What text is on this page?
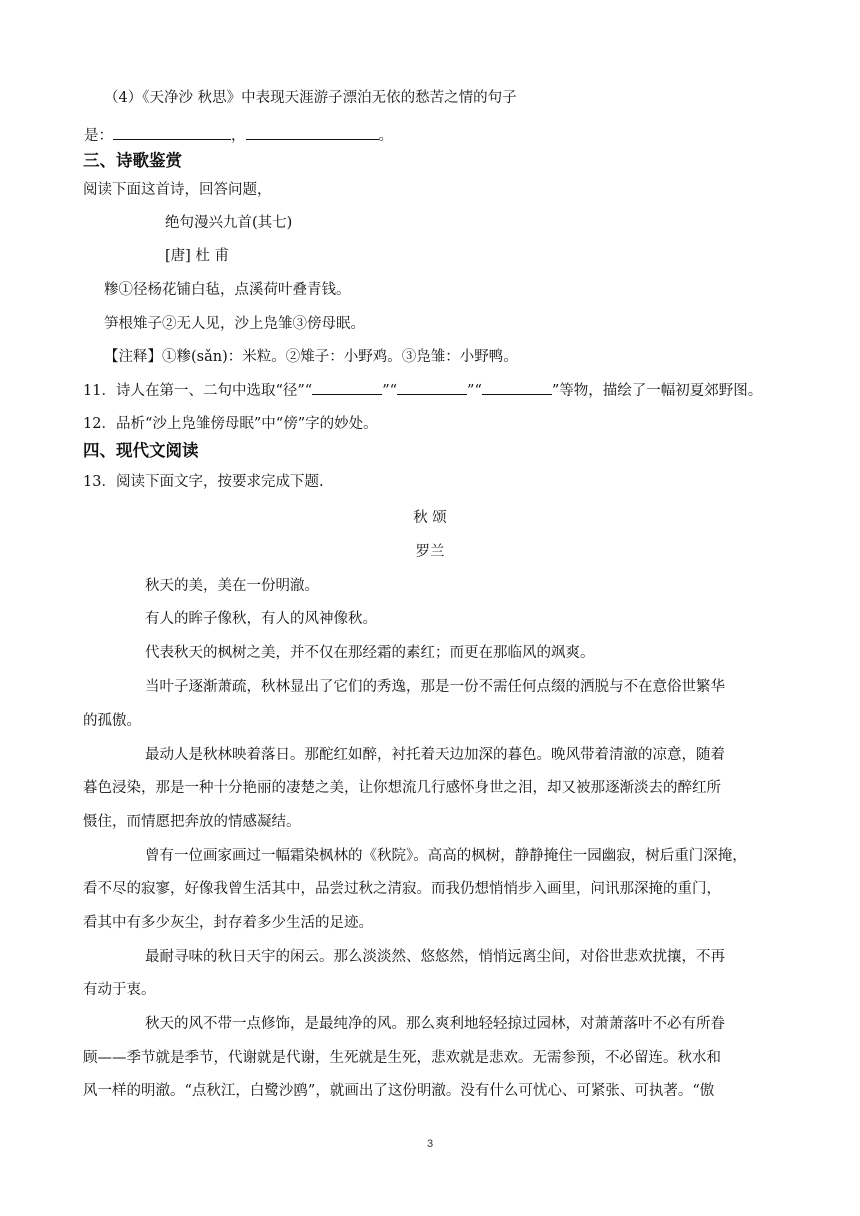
（4）《天净沙 秋思》中表现天涯游子漂泊无依的愁苦之情的句子
是：	，	。
三、诗歌鉴赏
阅读下面这首诗，回答问题，
绝句漫兴九首(其七)
[唐] 杜 甫
糁①径杨花铺白毡，点溪荷叶叠青钱。
笋根雉子②无人见，沙上凫雏③傍母眠。
【注释】①糁(sǎn)：米粒。②雉子：小野鸡。③凫雏：小野鸭。
11．诗人在第一、二句中选取“径”“	”“	”“	”等物，描绘了一幅初夏郊野图。
12．品析“沙上凫雏傍母眠”中“傍”字的妙处。
四、现代文阅读
13．阅读下面文字，按要求完成下题.
秋 颂
罗兰
秋天的美，美在一份明澈。
有人的眸子像秋，有人的风神像秋。
代表秋天的枫树之美，并不仅在那经霜的素红；而更在那临风的飒爽。
当叶子逐渐萧疏，秋林显出了它们的秀逸，那是一份不需任何点缀的洒脱与不在意俗世繁华
的孤傲。
最动人是秋林映着落日。那酡红如醉，衬托着天边加深的暮色。晚风带着清澈的凉意，随着
暮色浸染，那是一种十分艳丽的凄楚之美，让你想流几行感怀身世之泪，却又被那逐渐淡去的醉红所
慑住，而情愿把奔放的情感凝结。
曾有一位画家画过一幅霜染枫林的《秋院》。高高的枫树，静静掩住一园幽寂，树后重门深掩，
看不尽的寂寥，好像我曾生活其中，品尝过秋之清寂。而我仍想悄悄步入画里，问讯那深掩的重门，
看其中有多少灰尘，封存着多少生活的足迹。
最耐寻味的秋日天宇的闲云。那么淡淡然、悠悠然，悄悄远离尘间，对俗世悲欢扰攘，不再
有动于衷。
秋天的风不带一点修饰，是最纯净的风。那么爽利地轻轻掠过园林，对萧萧落叶不必有所眷
顾——季节就是季节，代谢就是代谢，生死就是生死，悲欢就是悲欢。无需参预，不必留连。秋水和
风一样的明澈。“点秋江，白鹭沙鸥”，就画出了这份明澈。没有什么可忧心、可紧张、可执著。“傲
3
